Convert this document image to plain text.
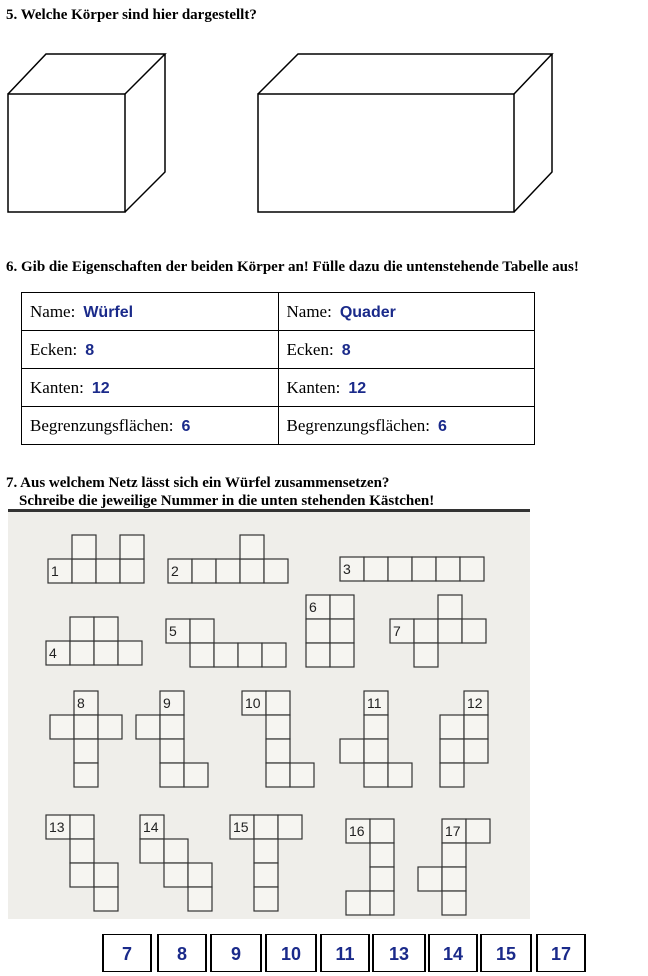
5. Welche Körper sind hier dargestellt?
6. Gib die Eigenschaften der beiden Körper an! Fülle dazu die untenstehende Tabelle aus!
Name: Würfel	Name: Quader
Ecken: 8	Ecken: 8
Kanten: 12	Kanten: 12
Begrenzungsflächen: 6	Begrenzungsflächen: 6
7. Aus welchem Netz lässt sich ein Würfel zusammensetzen?
Schreibe die jeweilige Nummer in die unten stehenden Kästchen!
1	2	3
4
5
6
7
8	9	10	11	12
13	14	15	16	17
7	8	9	10	11	13	14	15	17
